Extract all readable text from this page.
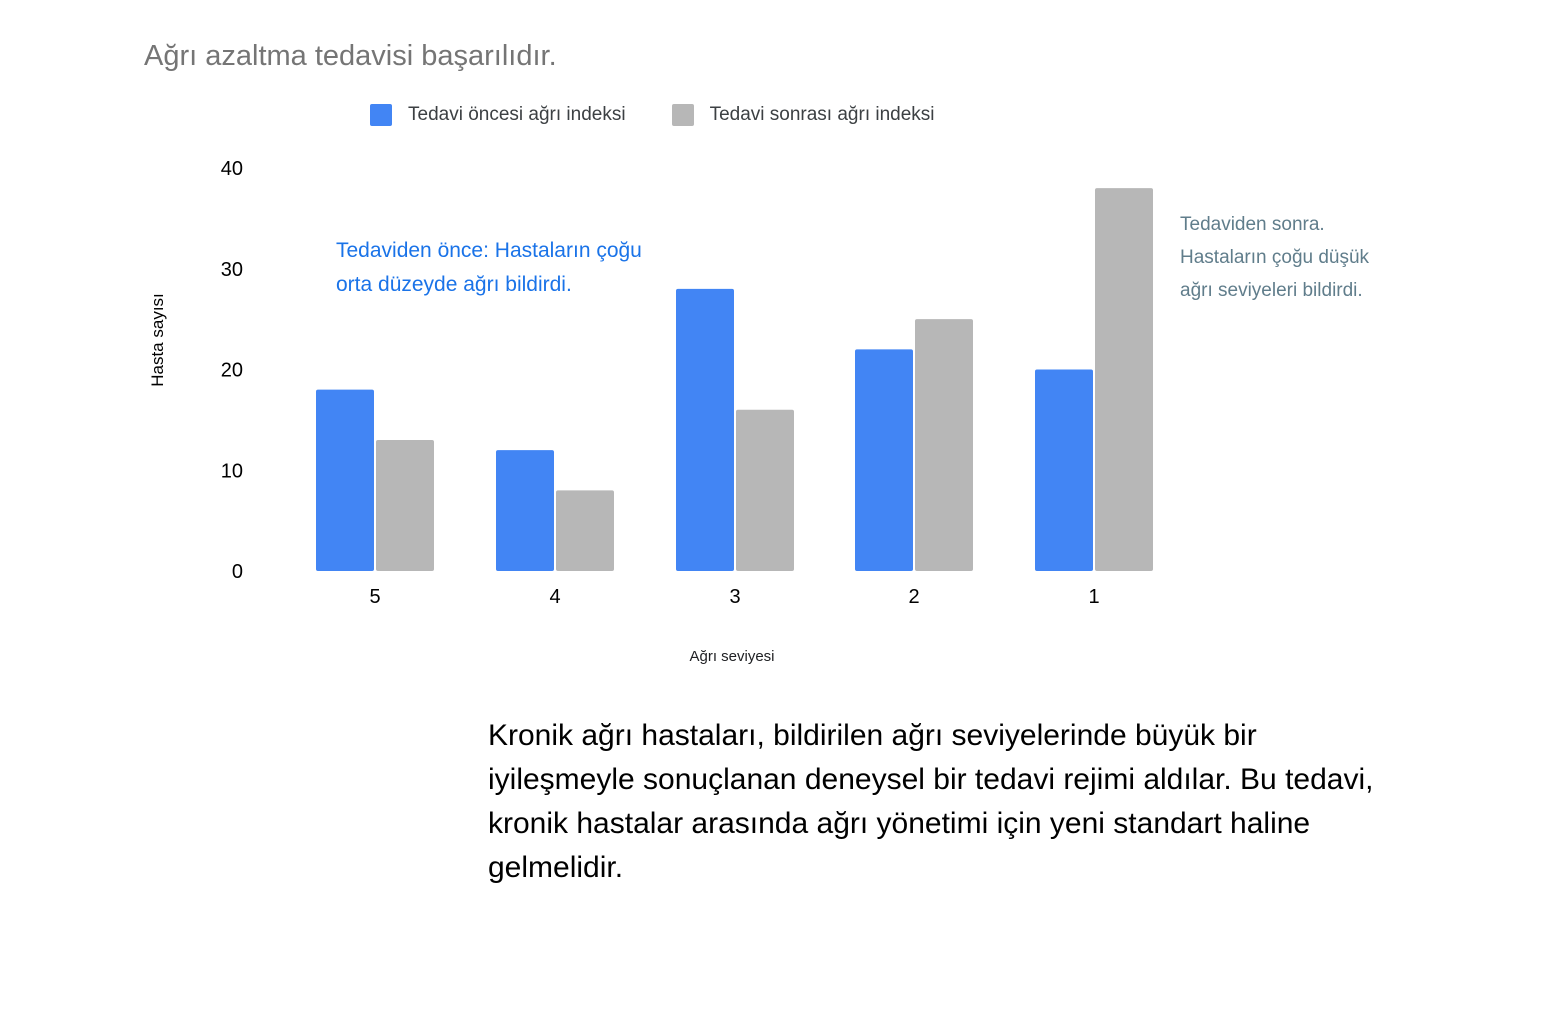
Ağrı azaltma tedavisi başarılıdır.
Tedavi öncesi ağrı indeksi	Tedavi sonrası ağrı indeksi
0
10
20
30
40
5	4	3	2	1
Hasta sayısı
Ağrı seviyesi
Tedaviden önce: Hastaların çoğu orta düzeyde ağrı bildirdi.
Tedaviden sonra. Hastaların çoğu düşük ağrı seviyeleri bildirdi.
Kronik ağrı hastaları, bildirilen ağrı seviyelerinde büyük bir iyileşmeyle sonuçlanan deneysel bir tedavi rejimi aldılar. Bu tedavi, kronik hastalar arasında ağrı yönetimi için yeni standart haline gelmelidir.
